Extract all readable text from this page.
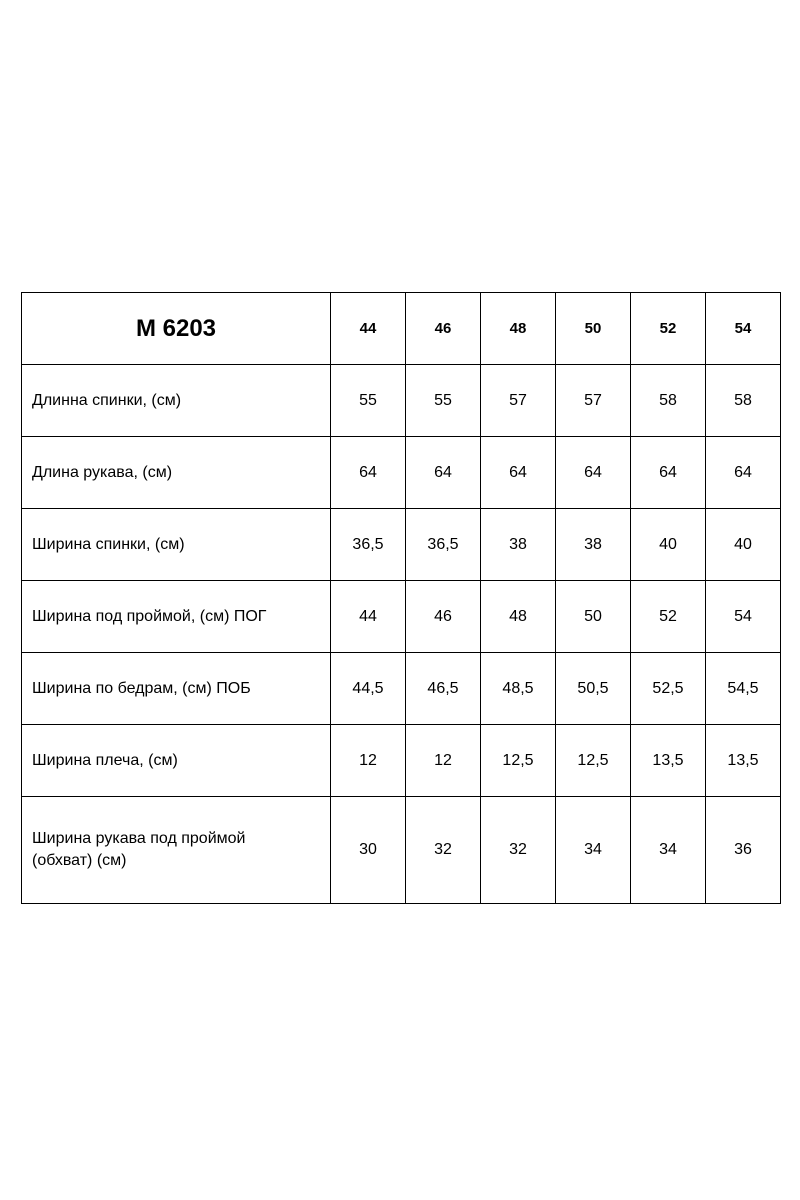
М 6203	44	46	48	50	52	54

Длинна спинки, (см)	55	55	57	57	58	58

Длина рукава, (см)	64	64	64	64	64	64

Ширина спинки, (см)	36,5	36,5	38	38	40	40

Ширина под проймой, (см) ПОГ	44	46	48	50	52	54

Ширина по бедрам, (см) ПОБ	44,5	46,5	48,5	50,5	52,5	54,5

Ширина плеча, (см)	12	12	12,5	12,5	13,5	13,5

Ширина рукава под проймой
(обхват) (см)	30	32	32	34	34	36
